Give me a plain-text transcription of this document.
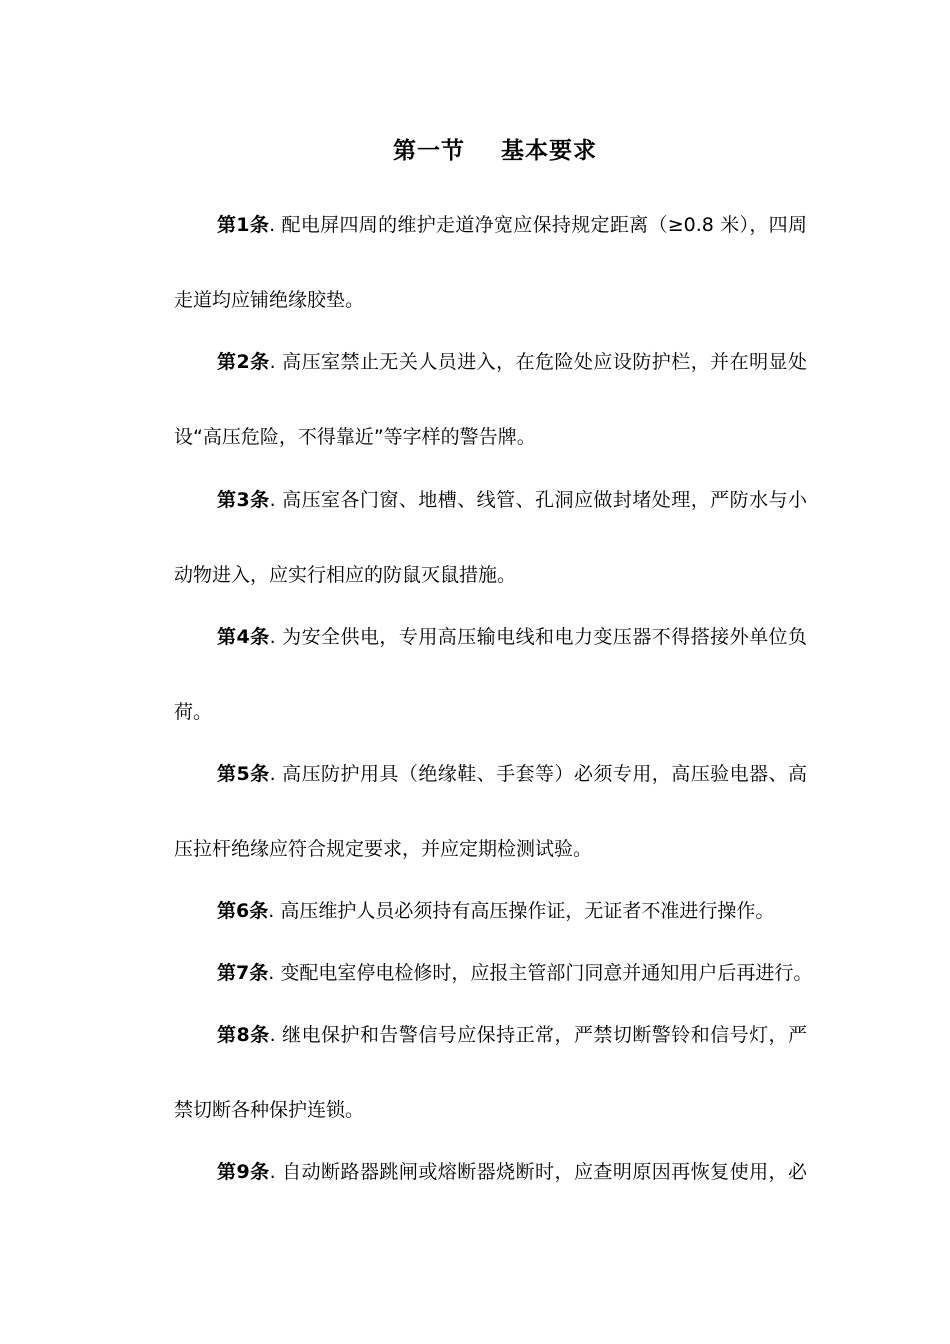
第一节    基本要求
第1条. 配电屏四周的维护走道净宽应保持规定距离（≥0.8 米），四周
走道均应铺绝缘胶垫。
第2条. 高压室禁止无关人员进入，在危险处应设防护栏，并在明显处
设“高压危险，不得靠近”等字样的警告牌。
第3条. 高压室各门窗、地槽、线管、孔洞应做封堵处理，严防水与小
动物进入，应实行相应的防鼠灭鼠措施。
第4条. 为安全供电，专用高压输电线和电力变压器不得搭接外单位负
荷。
第5条. 高压防护用具（绝缘鞋、手套等）必须专用，高压验电器、高
压拉杆绝缘应符合规定要求，并应定期检测试验。
第6条. 高压维护人员必须持有高压操作证，无证者不准进行操作。
第7条. 变配电室停电检修时，应报主管部门同意并通知用户后再进行。
第8条. 继电保护和告警信号应保持正常，严禁切断警铃和信号灯，严
禁切断各种保护连锁。
第9条. 自动断路器跳闸或熔断器烧断时，应查明原因再恢复使用，必
